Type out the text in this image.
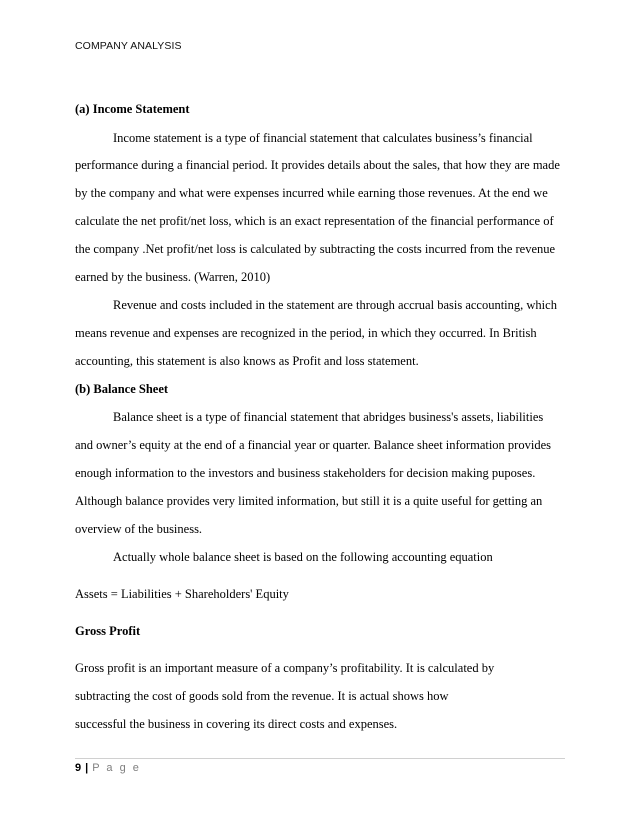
COMPANY ANALYSIS
(a) Income Statement
Income statement is a type of financial statement that calculates business’s financial
performance during a financial period. It provides details about the sales, that how they are made
by the company and what were expenses incurred while earning those revenues. At the end we
calculate the net profit/net loss, which is an exact representation of the financial performance of
the company .Net profit/net loss is calculated by subtracting the costs incurred from the revenue
earned by the business. (Warren, 2010)
Revenue and costs included in the statement are through accrual basis accounting, which
means revenue and expenses are recognized in the period, in which they occurred. In British
accounting, this statement is also knows as Profit and loss statement.
(b) Balance Sheet
Balance sheet is a type of financial statement that abridges business's assets, liabilities
and owner’s equity at the end of a financial year or quarter. Balance sheet information provides
enough information to the investors and business stakeholders for decision making puposes.
Although balance provides very limited information, but still it is a quite useful for getting an
overview of the business.
Actually whole balance sheet is based on the following accounting equation
Assets = Liabilities + Shareholders' Equity
Gross Profit
Gross profit is an important measure of a company’s profitability. It is calculated by
subtracting the cost of goods sold from the revenue. It is actual shows how
successful the business in covering its direct costs and expenses.
9 | P a g e
